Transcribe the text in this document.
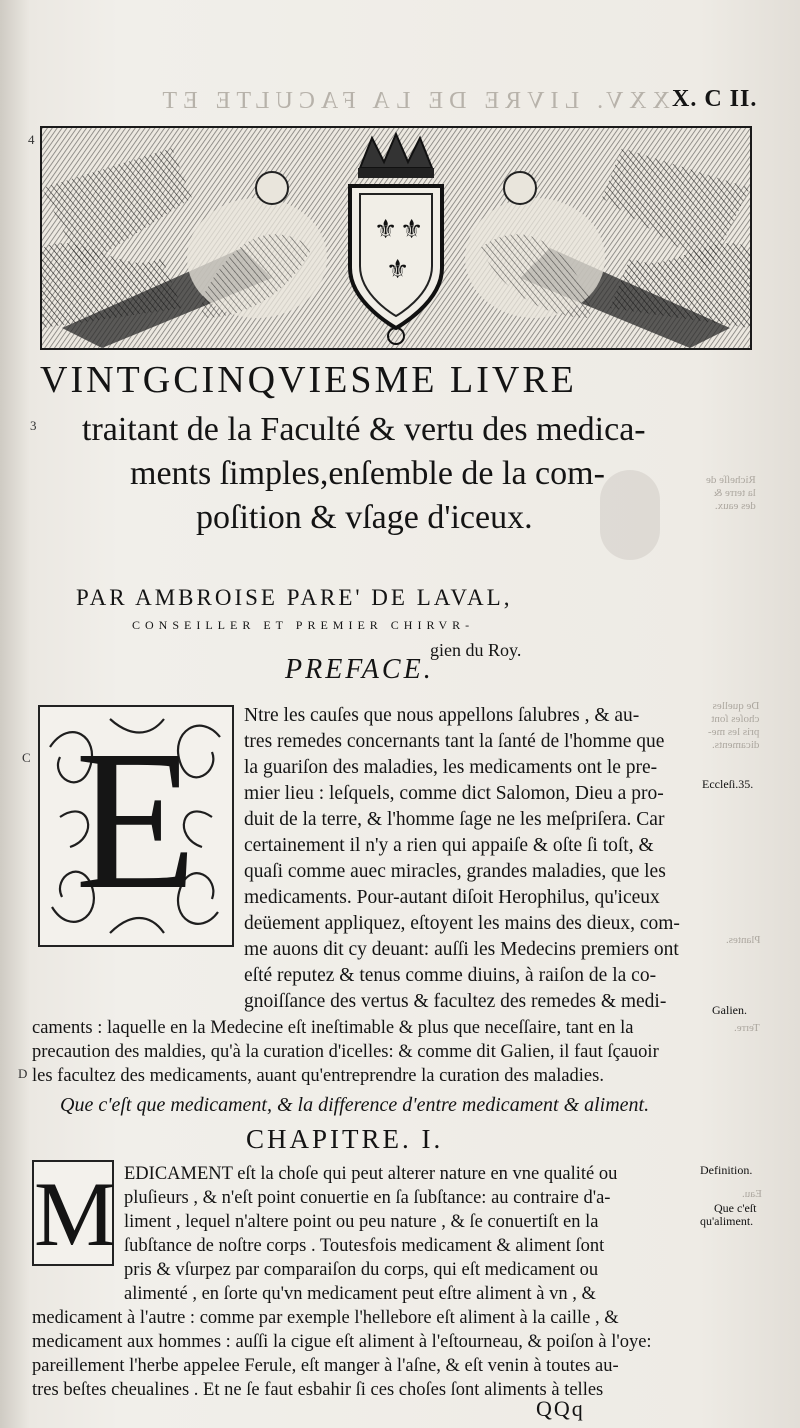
XXV. LIVRE DE LA FACULTE ET X. C II.
4
3
C
D
⚜ ⚜
⚜
VINTGCINQVIESME LIVRE
traitant de la Faculté & vertu des medica-
ments ſimples,enſemble de la com-
poſition & vſage d'iceux.
PAR AMBROISE PARE' DE LAVAL,
CONSEILLER ET PREMIER CHIRVR-
gien du Roy.
PREFACE.
E	Ntre les cauſes que nous appellons ſalubres , & au-
tres remedes concernants tant la ſanté de l'homme que
la guariſon des maladies, les medicaments ont le pre-
mier lieu : leſquels, comme dict Salomon, Dieu a pro-
duit de la terre, & l'homme ſage ne les meſpriſera. Car
certainement il n'y a rien qui appaiſe & oſte ſi toſt, &
quaſi comme auec miracles, grandes maladies, que les
medicaments. Pour-autant diſoit Herophilus, qu'iceux
deüement appliquez, eſtoyent les mains des dieux, com-
me auons dit cy deuant: auſſi les Medecins premiers ont
eſté reputez & tenus comme diuins, à raiſon de la co-
gnoiſſance des vertus & facultez des remedes & medi-
caments : laquelle en la Medecine eſt ineſtimable & plus que neceſſaire, tant en la
precaution des maldies, qu'à la curation d'icelles: & comme dit Galien, il faut ſçauoir
les facultez des medicaments, auant qu'entreprendre la curation des maladies.
Que c'eſt que medicament, & la difference d'entre medicament & aliment.
CHAPITRE. I.
M EDICAMENT eſt la choſe qui peut alterer nature en vne qualité ou
pluſieurs , & n'eſt point conuertie en ſa ſubſtance: au contraire d'a-
liment , lequel n'altere point ou peu nature , & ſe conuertiſt en la
ſubſtance de noſtre corps . Toutesfois medicament & aliment ſont
pris & vſurpez par comparaiſon du corps, qui eſt medicament ou
alimenté , en ſorte qu'vn medicament peut eſtre aliment à vn , &
medicament à l'autre : comme par exemple l'hellebore eſt aliment à la caille , &
medicament aux hommes : auſſi la cigue eſt aliment à l'eſtourneau, & poiſon à l'oye:
pareillement l'herbe appelee Ferule, eſt manger à l'aſne, & eſt venin à toutes au-
tres beſtes cheualines . Et ne ſe faut esbahir ſi ces choſes ſont aliments à telles
Richeſſe de
la terre &
des eaux.
De quelles
choſes ſont
pris les me-
dicaments.
Plantes.
Terre.
Eau.
Eccleſi.35.
Galien.
Definition.
Que c'eſt
qu'aliment.
QQq
